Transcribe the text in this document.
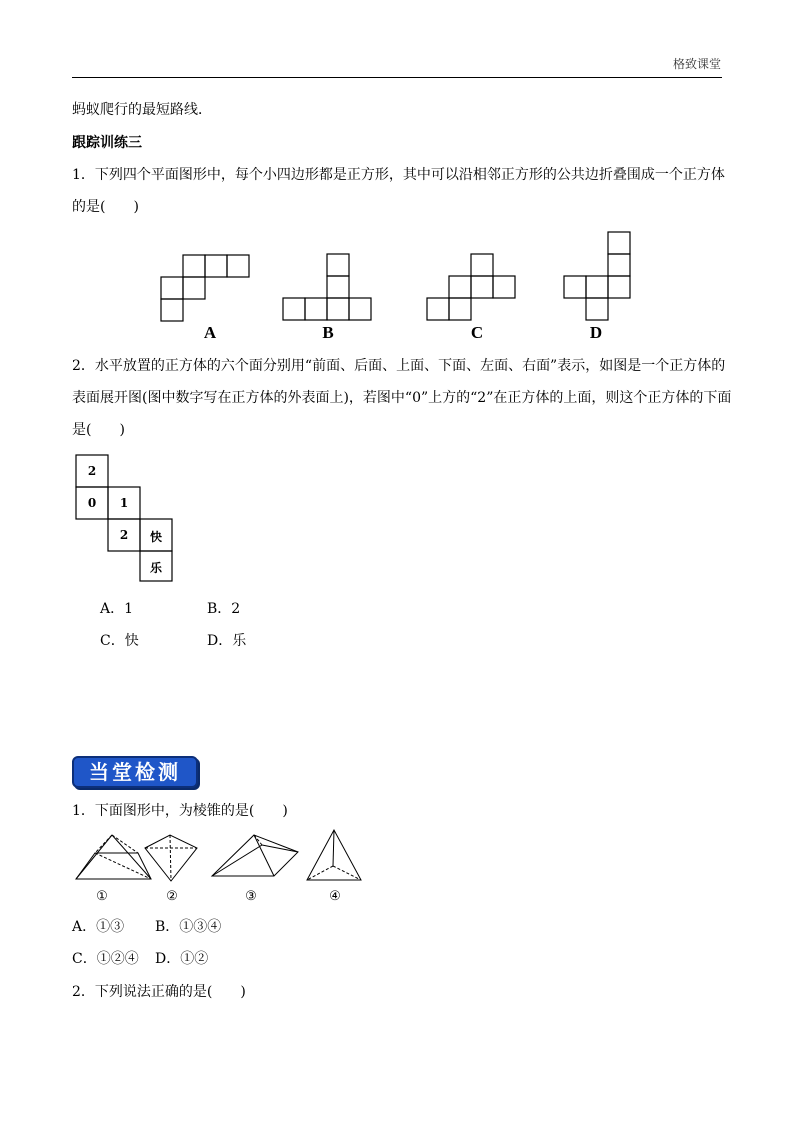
格致课堂
蚂蚁爬行的最短路线．
跟踪训练三
1．下列四个平面图形中，每个小四边形都是正方形，其中可以沿相邻正方形的公共边折叠围成一个正方体
的是(　　)
A	B	C	D
2．水平放置的正方体的六个面分别用“前面、后面、上面、下面、左面、右面”表示，如图是一个正方体的
表面展开图(图中数字写在正方体的外表面上)，若图中“0”上方的“2”在正方体的上面，则这个正方体的下面
是(　　)
2
0	1
2	快
乐
A．1	B．2
C．快	D．乐
当堂检测
1．下面图形中，为棱锥的是(　　)
①	②	③	④
A．①③ B．①③④
C．①②④ D．①②
2．下列说法正确的是(　　)
